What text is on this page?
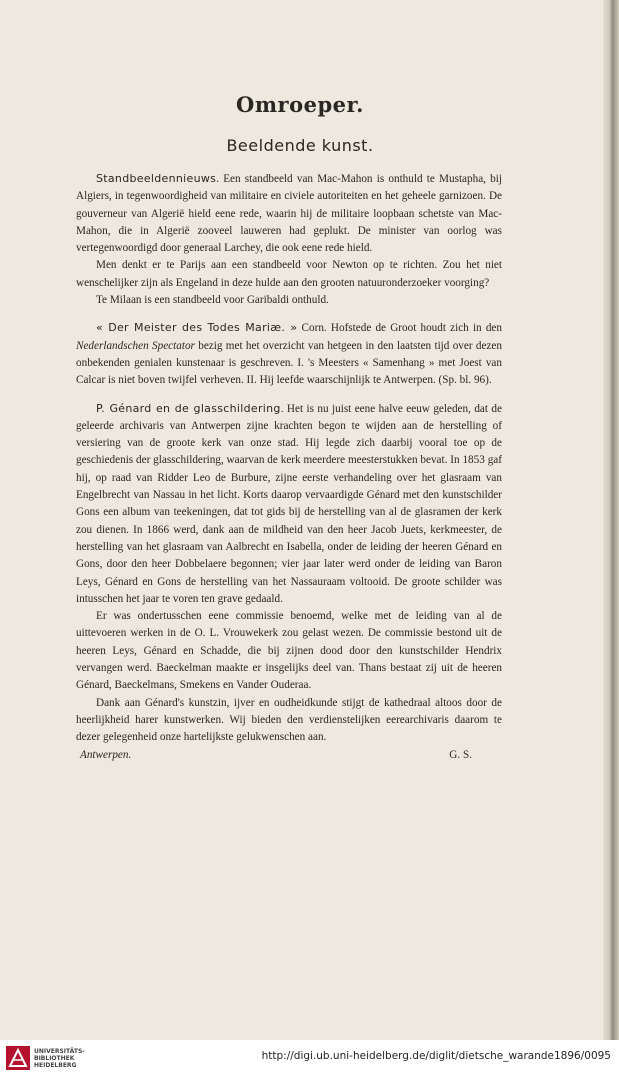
Omroeper.
Beeldende kunst.

Standbeeldennieuws. Een standbeeld van Mac-Mahon is onthuld te Mustapha, bij Algiers, in tegenwoordigheid van militaire en civiele autoriteiten en het geheele garnizoen. De gouverneur van Algerië hield eene rede, waarin hij de militaire loopbaan schetste van Mac-Mahon, die in Algerië zooveel lauweren had geplukt. De minister van oorlog was vertegenwoordigd door generaal Larchey, die ook eene rede hield.

Men denkt er te Parijs aan een standbeeld voor Newton op te richten. Zou het niet wenschelijker zijn als Engeland in deze hulde aan den grooten natuuronderzoeker voorging?

Te Milaan is een standbeeld voor Garibaldi onthuld.

« Der Meister des Todes Mariæ. » Corn. Hofstede de Groot houdt zich in den Nederlandschen Spectator bezig met het overzicht van hetgeen in den laatsten tijd over dezen onbekenden genialen kunstenaar is geschreven. I. 's Meesters « Samenhang » met Joest van Calcar is niet boven twijfel verheven. II. Hij leefde waarschijnlijk te Antwerpen. (Sp. bl. 96).

P. Génard en de glasschildering. Het is nu juist eene halve eeuw geleden, dat de geleerde archivaris van Antwerpen zijne krachten begon te wijden aan de herstelling of versiering van de groote kerk van onze stad. Hij legde zich daarbij vooral toe op de geschiedenis der glasschildering, waarvan de kerk meerdere meesterstukken bevat. In 1853 gaf hij, op raad van Ridder Leo de Burbure, zijne eerste verhandeling over het glasraam van Engelbrecht van Nassau in het licht. Korts daarop vervaardigde Génard met den kunstschilder Gons een album van teekeningen, dat tot gids bij de herstelling van al de glasramen der kerk zou dienen. In 1866 werd, dank aan de mildheid van den heer Jacob Juets, kerkmeester, de herstelling van het glasraam van Aalbrecht en Isabella, onder de leiding der heeren Génard en Gons, door den heer Dobbelaere begonnen; vier jaar later werd onder de leiding van Baron Leys, Génard en Gons de herstelling van het Nassauraam voltooid. De groote schilder was intusschen het jaar te voren ten grave gedaald.

Er was ondertusschen eene commissie benoemd, welke met de leiding van al de uittevoeren werken in de O. L. Vrouwekerk zou gelast wezen. De commissie bestond uit de heeren Leys, Génard en Schadde, die bij zijnen dood door den kunstschilder Hendrix vervangen werd. Baeckelman maakte er insgelijks deel van. Thans bestaat zij uit de heeren Génard, Baeckelmans, Smekens en Vander Ouderaa.

Dank aan Génard's kunstzin, ijver en oudheidkunde stijgt de kathedraal altoos door de heerlijkheid harer kunstwerken. Wij bieden den verdienstelijken eerearchivaris daarom te dezer gelegenheid onze hartelijkste gelukwenschen aan.

Antwerpen.	G. S.
UNIVERSITÄTS-
BIBLIOTHEK
HEIDELBERG
http://digi.ub.uni-heidelberg.de/diglit/dietsche_warande1896/0095
